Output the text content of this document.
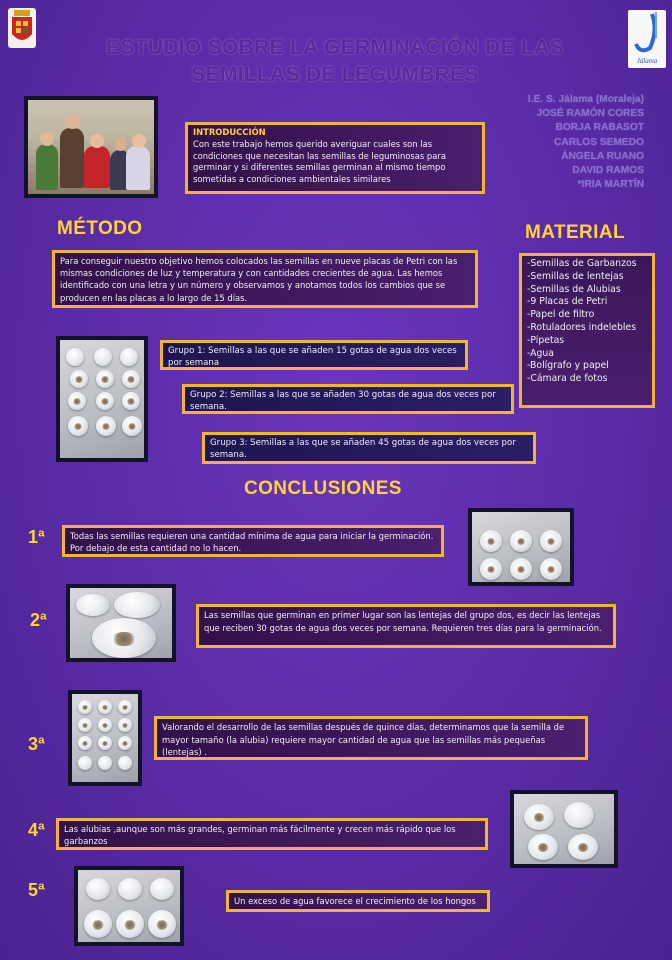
Jálama
ESTUDIO SOBRE LA GERMINACIÓN DE LAS
SEMILLAS DE LEGUMBRES
INTRODUCCIÓN
Con este trabajo hemos querido averiguar cuales son las condiciones que necesitan las semillas de leguminosas para germinar y si diferentes semillas germinan al mismo tiempo sometidas a condiciones ambientales similares
I.E. S. Jálama (Moraleja)
JOSÉ RAMÓN CORES
BORJA RABASOT
CARLOS SEMEDO
ÁNGELA RUANO
DAVID RAMOS
*IRIA MARTÍN
MÉTODO
Para conseguir nuestro objetivo hemos colocados las semillas en nueve placas de Petri con las mismas condiciones de luz y temperatura y con cantidades crecientes de agua. Las hemos identificado con una letra y un número y observamos y anotamos todos los cambios que se producen en las placas a lo largo de 15 días.
MATERIAL
-Semillas de Garbanzos
-Semillas de lentejas
-Semillas de Alubias
-9 Placas de Petri
-Papel de filtro
-Rotuladores indelebles
-Pipetas
-Agua
-Bolígrafo y papel
-Cámara de fotos
Grupo 1: Semillas a las que se añaden 15 gotas de agua dos veces por semana
Grupo 2: Semillas a las que se añaden 30 gotas de agua dos veces por semana.
Grupo 3: Semillas a las que se añaden 45 gotas de agua dos veces por semana.
CONCLUSIONES
1ª	Todas las semillas requieren una cantidad mínima de agua para iniciar la germinación. Por debajo de esta cantidad no lo hacen.
2ª	Las semillas que germinan en primer lugar son las lentejas del grupo dos, es decir las lentejas que reciben 30 gotas de agua dos veces por semana. Requieren tres días para la germinación.
3ª
Valorando el desarrollo de las semillas después de quince días, determinamos que la semilla de mayor tamaño (la alubia) requiere mayor cantidad de agua que las semillas más pequeñas (lentejas) .
4ª Las alubias ,aunque son más grandes, germinan más fácilmente y crecen más rápido que los garbanzos
5ª
Un exceso de agua favorece el crecimiento de los hongos
